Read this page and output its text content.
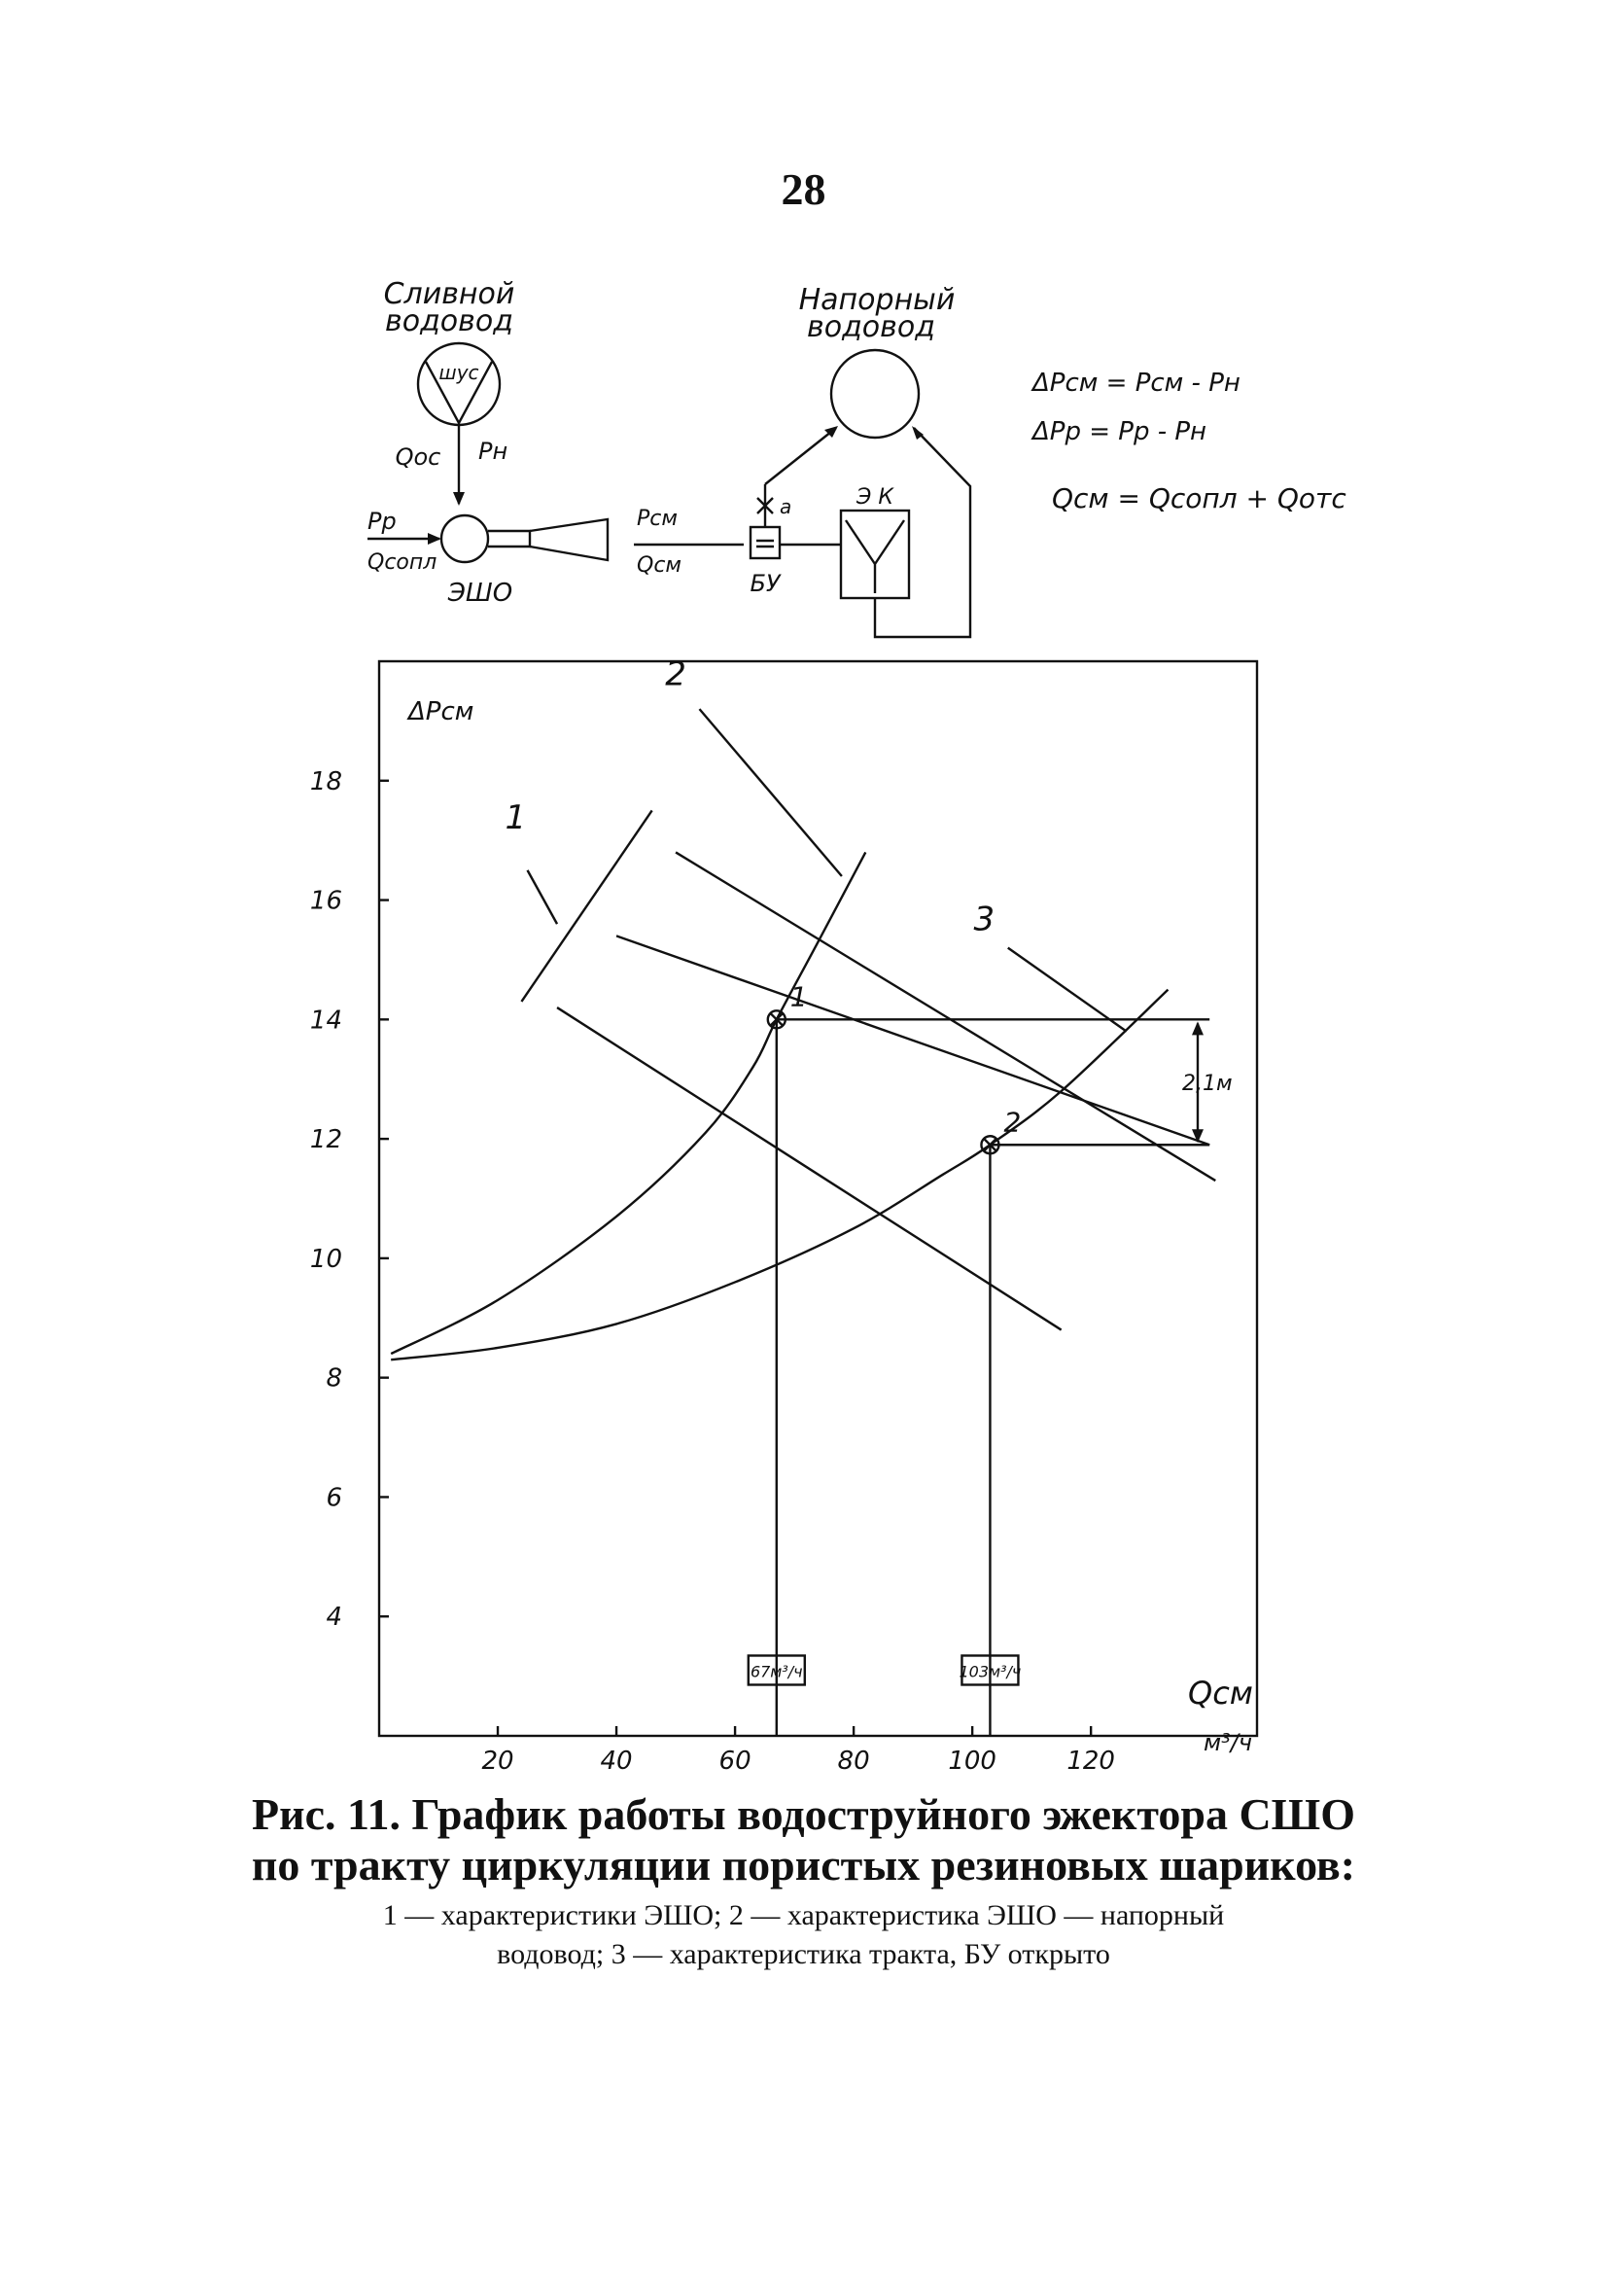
28
Сливной
водовод
шус
Qос Pн
Pр
Qсопл
ЭШО
Напорный
водовод
Pсм
Qсм
БУ
а	Э К
ΔPсм = Pсм - Pн
ΔPр = Pр - Pн
Qсм = Qсопл + Qотс
18
16
14
12
10
8
6
4
20	40	60	80	100	120
ΔPсм
Qсм
м³/ч
1
2
3
1
67м³/ч
2
103м³/ч
2,1м
Рис. 11. График работы водоструйного эжектора СШО
по тракту циркуляции пористых резиновых шариков:
1 — характеристики ЭШО; 2 — характеристика ЭШО — напорный
водовод; 3 — характеристика тракта, БУ открыто
